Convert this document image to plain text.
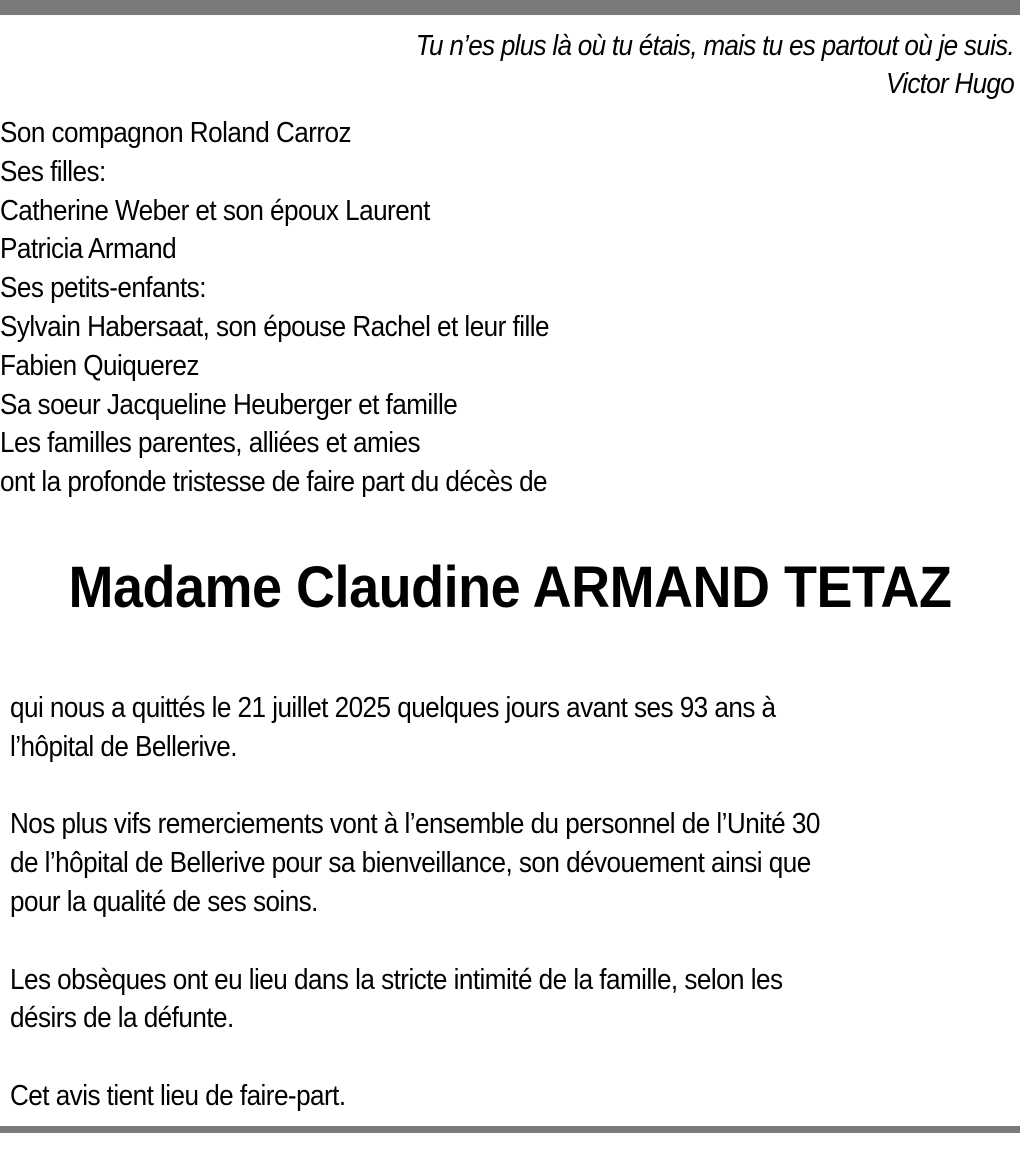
Tu n’es plus là où tu étais, mais tu es partout où je suis.
Victor Hugo
Son compagnon Roland Carroz
Ses filles:
Catherine Weber et son époux Laurent
Patricia Armand
Ses petits-enfants:
Sylvain Habersaat, son épouse Rachel et leur fille
Fabien Quiquerez
Sa soeur Jacqueline Heuberger et famille
Les familles parentes, alliées et amies
ont la profonde tristesse de faire part du décès de
Madame Claudine ARMAND TETAZ
qui nous a quittés le 21 juillet 2025 quelques jours avant ses 93 ans à
l’hôpital de Bellerive.
Nos plus vifs remerciements vont à l’ensemble du personnel de l’Unité 30
de l’hôpital de Bellerive pour sa bienveillance, son dévouement ainsi que
pour la qualité de ses soins.
Les obsèques ont eu lieu dans la stricte intimité de la famille, selon les
désirs de la défunte.
Cet avis tient lieu de faire-part.
